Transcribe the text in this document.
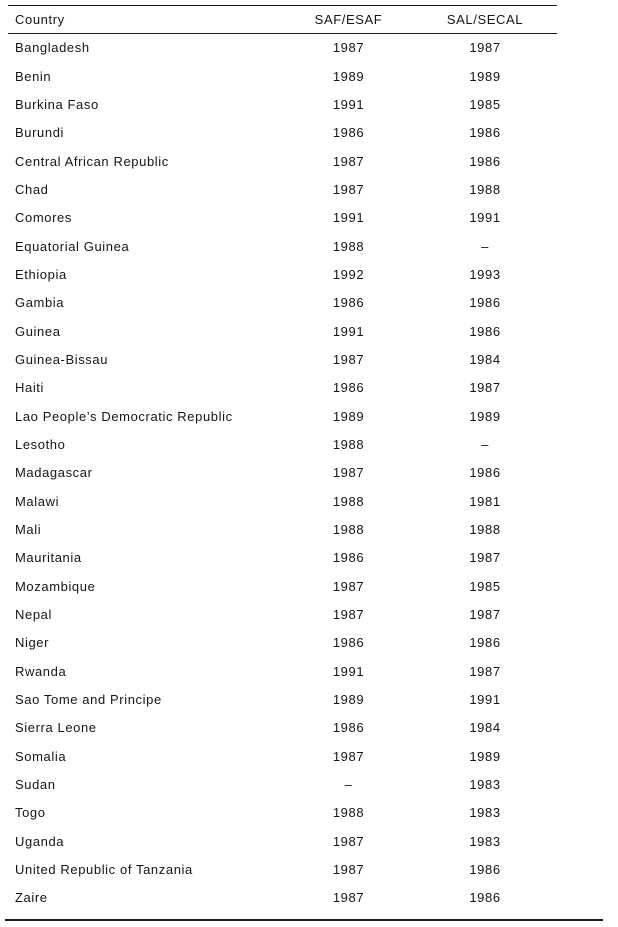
Country	SAF/ESAF	SAL/SECAL
Bangladesh	1987	1987
Benin	1989	1989
Burkina Faso	1991	1985
Burundi	1986	1986
Central African Republic	1987	1986
Chad	1987	1988
Comores	1991	1991
Equatorial Guinea	1988	–
Ethiopia	1992	1993
Gambia	1986	1986
Guinea	1991	1986
Guinea-Bissau	1987	1984
Haiti	1986	1987
Lao People’s Democratic Republic	1989	1989
Lesotho	1988	–
Madagascar	1987	1986
Malawi	1988	1981
Mali	1988	1988
Mauritania	1986	1987
Mozambique	1987	1985
Nepal	1987	1987
Niger	1986	1986
Rwanda	1991	1987
Sao Tome and Principe	1989	1991
Sierra Leone	1986	1984
Somalia	1987	1989
Sudan	–	1983
Togo	1988	1983
Uganda	1987	1983
United Republic of Tanzania	1987	1986
Zaire	1987	1986
